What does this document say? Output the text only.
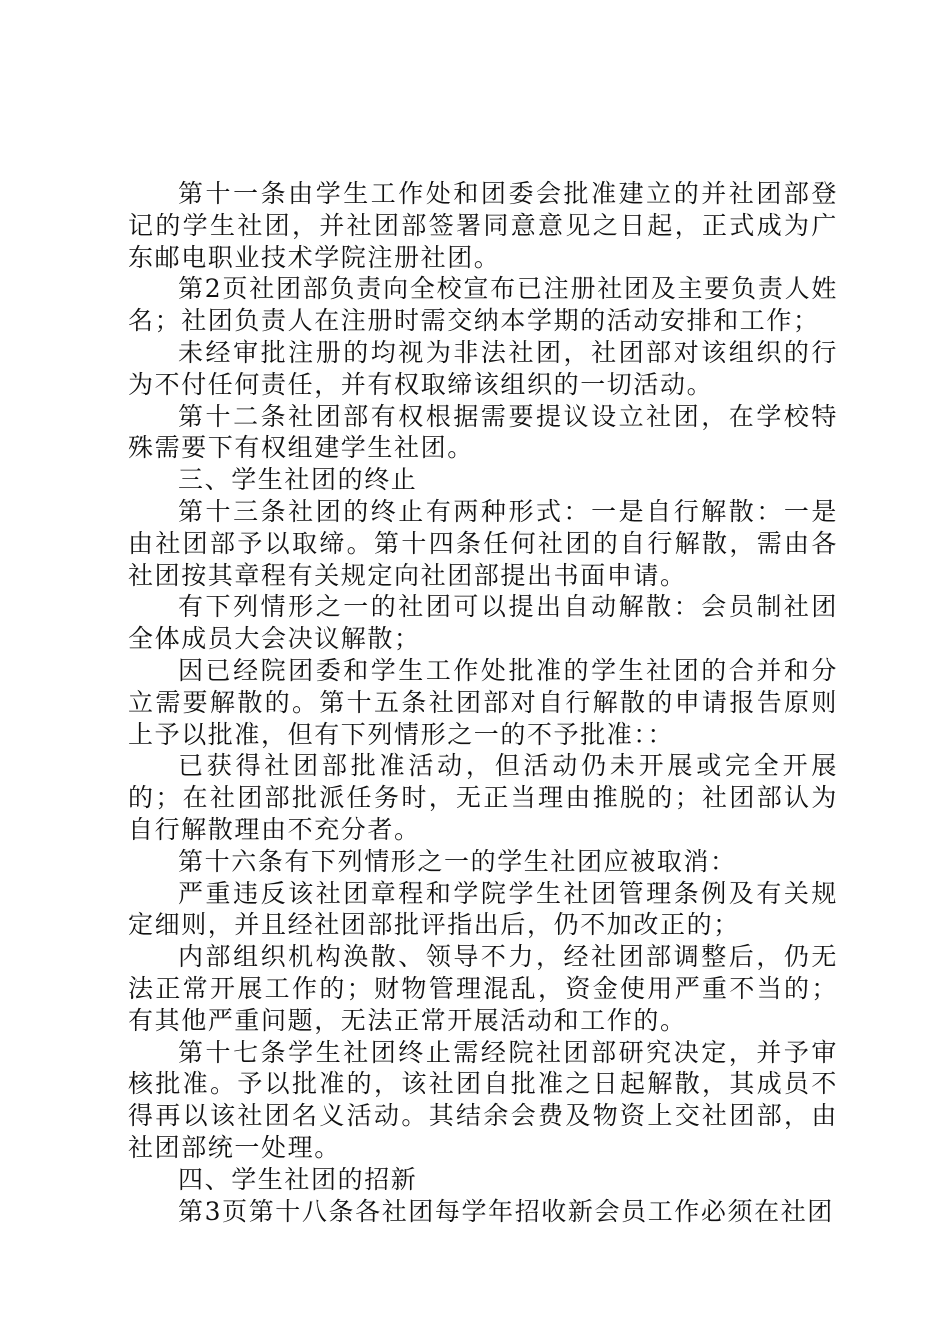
第十一条由学生工作处和团委会批准建立的并社团部登记的学生社团，并社团部签署同意意见之日起，正式成为广东邮电职业技术学院注册社团。

第2页社团部负责向全校宣布已注册社团及主要负责人姓名；社团负责人在注册时需交纳本学期的活动安排和工作；

未经审批注册的均视为非法社团，社团部对该组织的行为不付任何责任，并有权取缔该组织的一切活动。

第十二条社团部有权根据需要提议设立社团，在学校特殊需要下有权组建学生社团。

三、学生社团的终止

第十三条社团的终止有两种形式：一是自行解散：一是由社团部予以取缔。第十四条任何社团的自行解散，需由各社团按其章程有关规定向社团部提出书面申请。

有下列情形之一的社团可以提出自动解散：会员制社团全体成员大会决议解散；

因已经院团委和学生工作处批准的学生社团的合并和分立需要解散的。第十五条社团部对自行解散的申请报告原则上予以批准，但有下列情形之一的不予批准：：

已获得社团部批准活动，但活动仍未开展或完全开展的；在社团部批派任务时，无正当理由推脱的；社团部认为自行解散理由不充分者。

第十六条有下列情形之一的学生社团应被取消：

严重违反该社团章程和学院学生社团管理条例及有关规定细则，并且经社团部批评指出后，仍不加改正的；

内部组织机构涣散、领导不力，经社团部调整后，仍无法正常开展工作的；财物管理混乱，资金使用严重不当的；有其他严重问题，无法正常开展活动和工作的。

第十七条学生社团终止需经院社团部研究决定，并予审核批准。予以批准的，该社团自批准之日起解散，其成员不得再以该社团名义活动。其结余会费及物资上交社团部，由社团部统一处理。

四、学生社团的招新

第3页第十八条各社团每学年招收新会员工作必须在社团
